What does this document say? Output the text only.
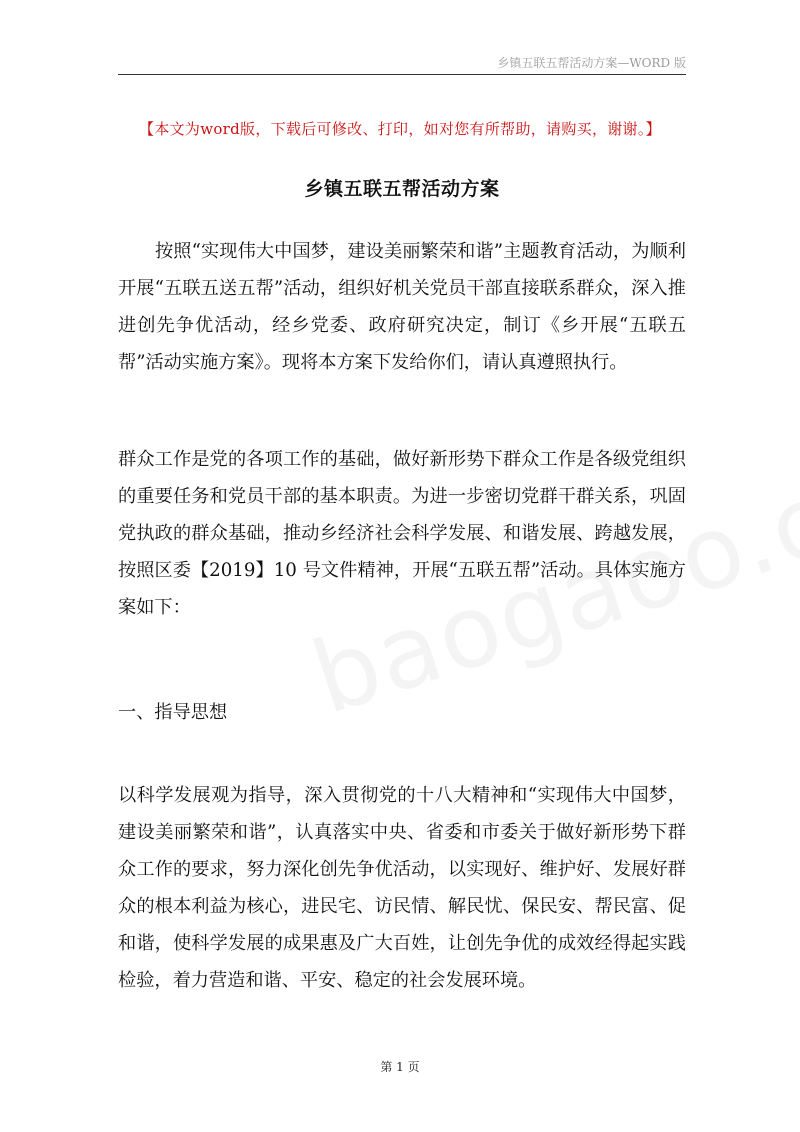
乡镇五联五帮活动方案—WORD 版
【本文为word版，下载后可修改、打印，如对您有所帮助，请购买，谢谢。】
乡镇五联五帮活动方案

按照“实现伟大中国梦，建设美丽繁荣和谐”主题教育活动，为顺利开展“五联五送五帮”活动，组织好机关党员干部直接联系群众，深入推进创先争优活动，经乡党委、政府研究决定，制订《乡开展“五联五帮”活动实施方案》。现将本方案下发给你们，请认真遵照执行。

群众工作是党的各项工作的基础，做好新形势下群众工作是各级党组织的重要任务和党员干部的基本职责。为进一步密切党群干群关系，巩固党执政的群众基础，推动乡经济社会科学发展、和谐发展、跨越发展，按照区委【2019】10 号文件精神，开展“五联五帮”活动。具体实施方案如下：

一、指导思想

以科学发展观为指导，深入贯彻党的十八大精神和“实现伟大中国梦，建设美丽繁荣和谐”，认真落实中央、省委和市委关于做好新形势下群众工作的要求，努力深化创先争优活动，以实现好、维护好、发展好群众的根本利益为核心，进民宅、访民情、解民忧、保民安、帮民富、促和谐，使科学发展的成果惠及广大百姓，让创先争优的成效经得起实践检验，着力营造和谐、平安、稳定的社会发展环境。

第 1 页
